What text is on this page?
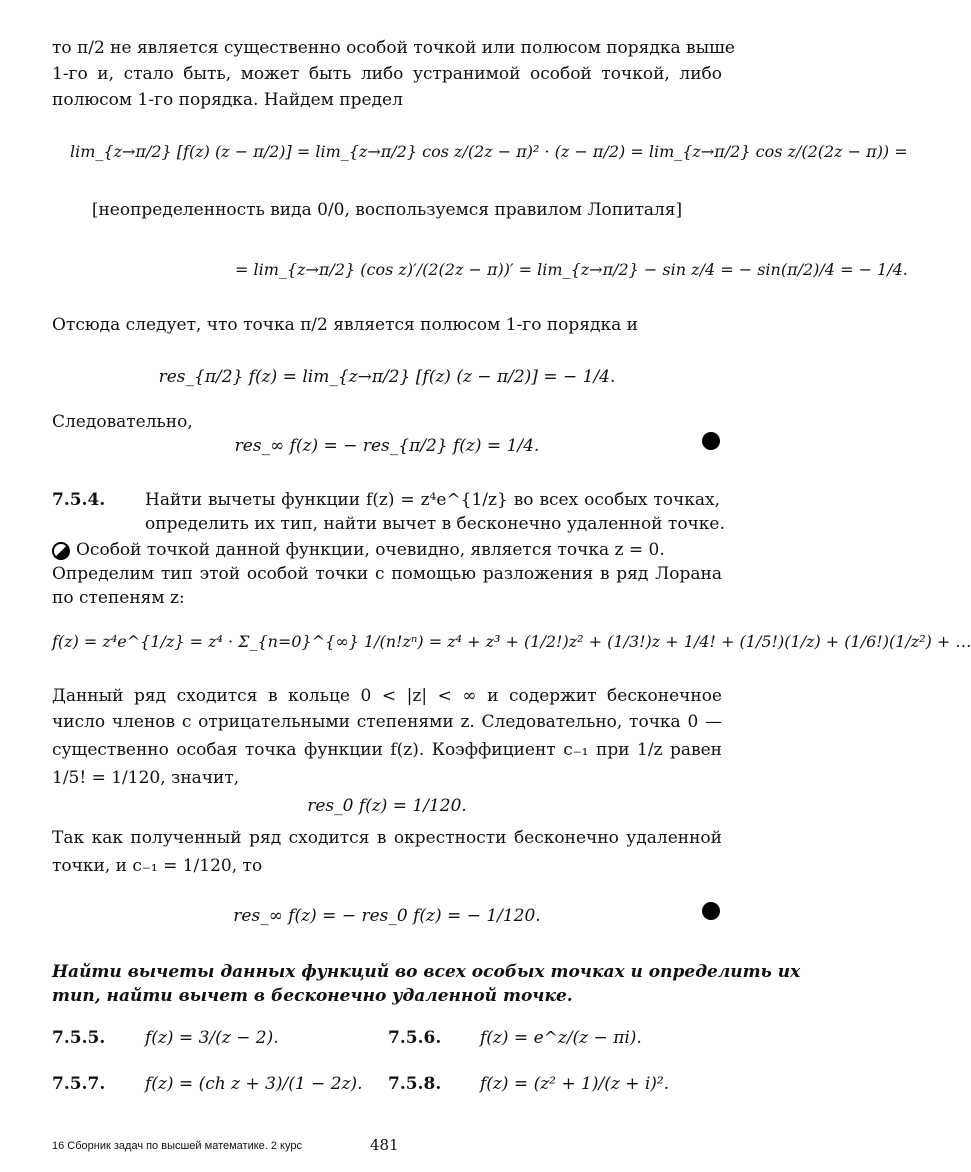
то π/2 не является существенно особой точкой или полюсом порядка выше
1-го и, стало быть, может быть либо устранимой особой точкой, либо
полюсом 1-го порядка. Найдем предел
lim_{z→π/2} [f(z) (z − π/2)] = lim_{z→π/2} cos z/(2z − π)² · (z − π/2) = lim_{z→π/2} cos z/(2(2z − π)) =
[неопределенность вида 0/0, воспользуемся правилом Лопиталя]
= lim_{z→π/2} (cos z)′/(2(2z − π))′ = lim_{z→π/2} − sin z/4 = − sin(π/2)/4 = − 1/4.
Отсюда следует, что точка π/2 является полюсом 1-го порядка и
res_{π/2} f(z) = lim_{z→π/2} [f(z) (z − π/2)] = − 1/4.
Следовательно,
res_∞ f(z) = − res_{π/2} f(z) = 1/4.
7.5.4. Найти вычеты функции f(z) = z⁴e^{1/z} во всех особых точках,
определить их тип, найти вычет в бесконечно удаленной точке.
Особой точкой данной функции, очевидно, является точка z = 0.
Определим тип этой особой точки с помощью разложения в ряд Лорана
по степеням z:
f(z) = z⁴e^{1/z} = z⁴ · Σ_{n=0}^{∞} 1/(n!zⁿ) = z⁴ + z³ + (1/2!)z² + (1/3!)z + 1/4! + (1/5!)(1/z) + (1/6!)(1/z²) + …
Данный ряд сходится в кольце 0 < |z| < ∞ и содержит бесконечное
число членов с отрицательными степенями z. Следовательно, точка 0 —
существенно особая точка функции f(z). Коэффициент c₋₁ при 1/z равен
1/5! = 1/120, значит,
res_0 f(z) = 1/120.
Так как полученный ряд сходится в окрестности бесконечно удаленной
точки, и c₋₁ = 1/120, то
res_∞ f(z) = − res_0 f(z) = − 1/120.
Найти вычеты данных функций во всех особых точках и определить их
тип, найти вычет в бесконечно удаленной точке.
7.5.5. f(z) = 3/(z − 2).	7.5.6. f(z) = e^z/(z − πi).
7.5.7. f(z) = (ch z + 3)/(1 − 2z). 7.5.8. f(z) = (z² + 1)/(z + i)².
16 Сборник задач по высшей математике. 2 курс	481
